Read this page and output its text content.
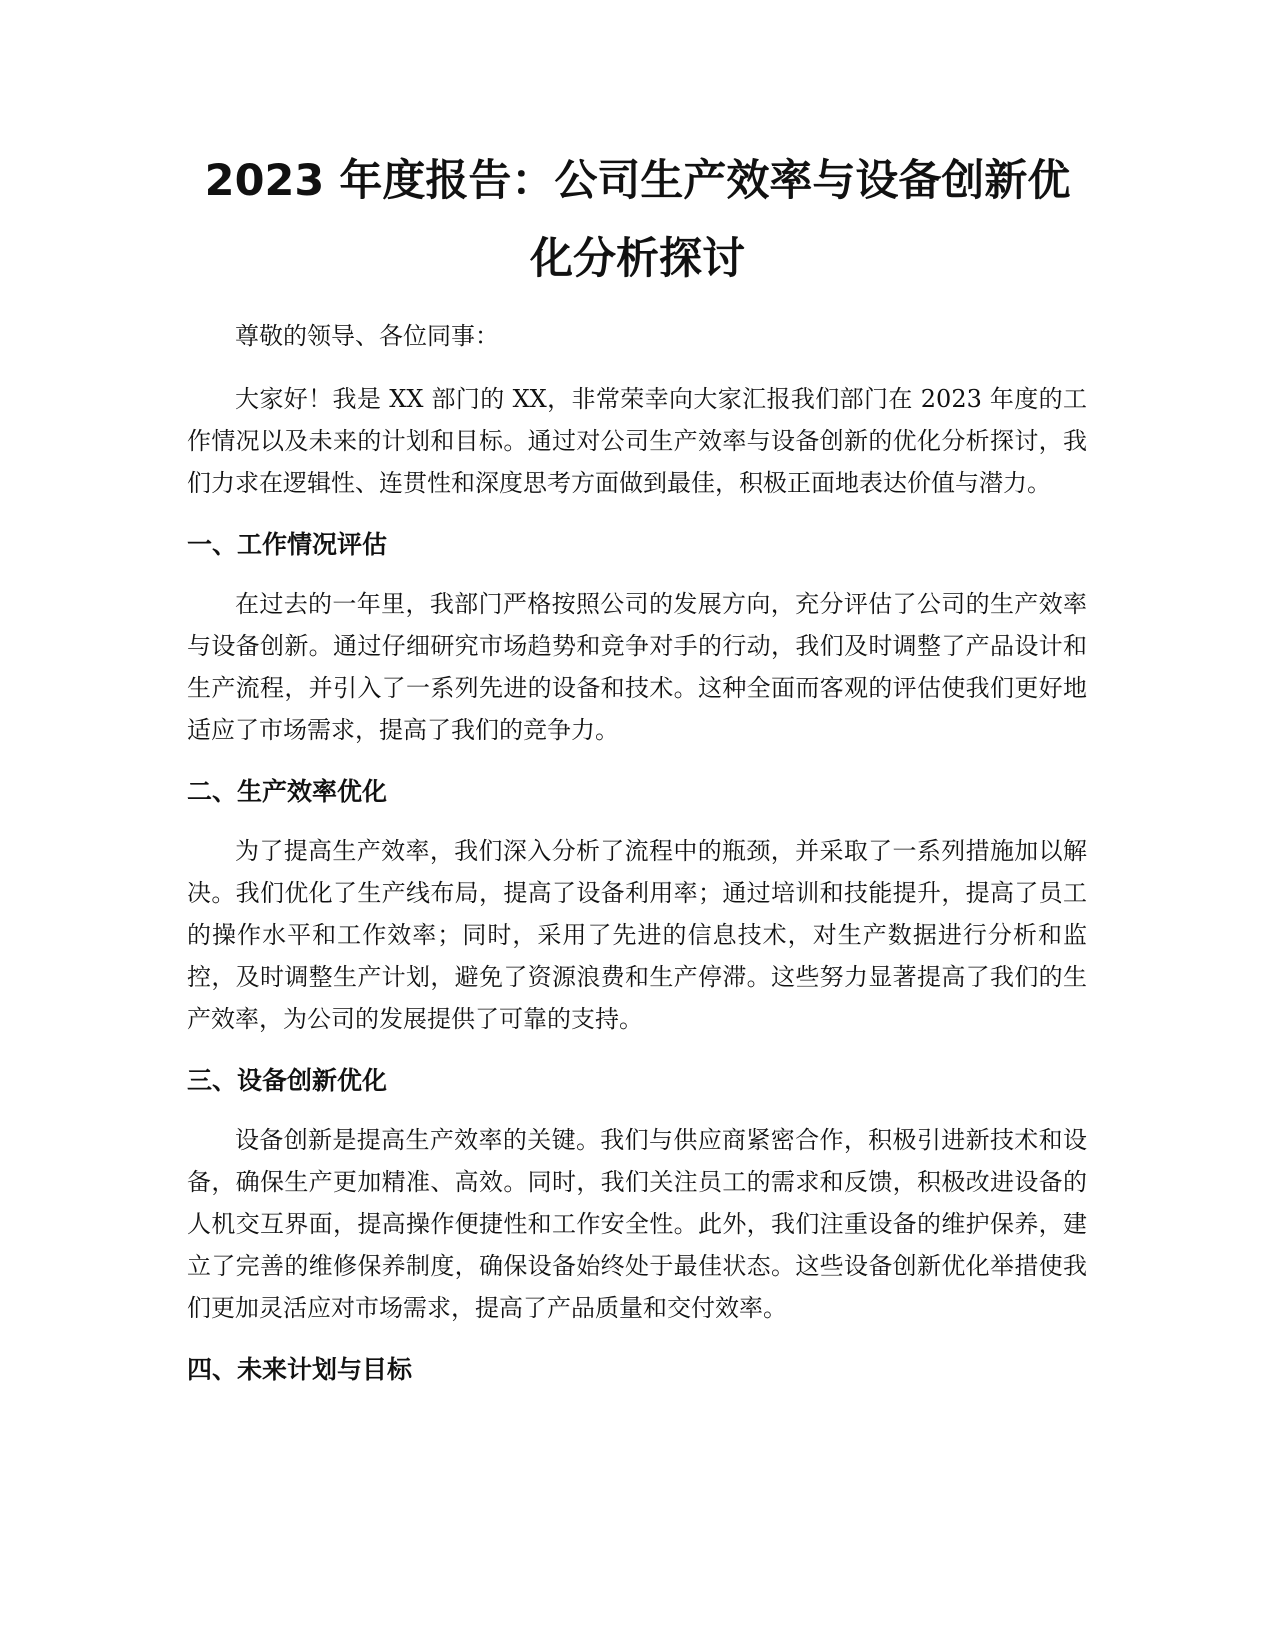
2023 年度报告：公司生产效率与设备创新优
化分析探讨

尊敬的领导、各位同事：

大家好！我是 XX 部门的 XX，非常荣幸向大家汇报我们部门在 2023 年度的工作情况以及未来的计划和目标。通过对公司生产效率与设备创新的优化分析探讨，我们力求在逻辑性、连贯性和深度思考方面做到最佳，积极正面地表达价值与潜力。

一、工作情况评估

在过去的一年里，我部门严格按照公司的发展方向，充分评估了公司的生产效率与设备创新。通过仔细研究市场趋势和竞争对手的行动，我们及时调整了产品设计和生产流程，并引入了一系列先进的设备和技术。这种全面而客观的评估使我们更好地适应了市场需求，提高了我们的竞争力。

二、生产效率优化

为了提高生产效率，我们深入分析了流程中的瓶颈，并采取了一系列措施加以解决。我们优化了生产线布局，提高了设备利用率；通过培训和技能提升，提高了员工的操作水平和工作效率；同时，采用了先进的信息技术，对生产数据进行分析和监控，及时调整生产计划，避免了资源浪费和生产停滞。这些努力显著提高了我们的生产效率，为公司的发展提供了可靠的支持。

三、设备创新优化

设备创新是提高生产效率的关键。我们与供应商紧密合作，积极引进新技术和设备，确保生产更加精准、高效。同时，我们关注员工的需求和反馈，积极改进设备的人机交互界面，提高操作便捷性和工作安全性。此外，我们注重设备的维护保养，建立了完善的维修保养制度，确保设备始终处于最佳状态。这些设备创新优化举措使我们更加灵活应对市场需求，提高了产品质量和交付效率。

四、未来计划与目标
